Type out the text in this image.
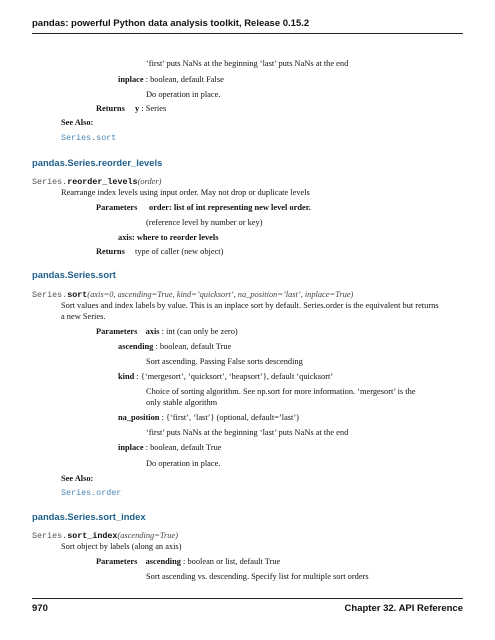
pandas: powerful Python data analysis toolkit, Release 0.15.2
‘first’ puts NaNs at the beginning ‘last’ puts NaNs at the end
inplace : boolean, default False
Do operation in place.
Returns y : Series
See Also:
Series.sort
pandas.Series.reorder_levels
Series.reorder_levels(order)
Rearrange index levels using input order. May not drop or duplicate levels
Parameters order: list of int representing new level order.
(reference level by number or key)
axis: where to reorder levels
Returns type of caller (new object)
pandas.Series.sort
Series.sort(axis=0, ascending=True, kind=’quicksort’, na_position=’last’, inplace=True)
Sort values and index labels by value. This is an inplace sort by default. Series.order is the equivalent but returns
a new Series.
Parameters axis : int (can only be zero)
ascending : boolean, default True
Sort ascending. Passing False sorts descending
kind : {‘mergesort’, ‘quicksort’, ‘heapsort’}, default ‘quicksort’
Choice of sorting algorithm. See np.sort for more information. ‘mergesort’ is the
only stable algorithm
na_position : {‘first’, ‘last’} (optional, default=’last’)
‘first’ puts NaNs at the beginning ‘last’ puts NaNs at the end
inplace : boolean, default True
Do operation in place.
See Also:
Series.order
pandas.Series.sort_index
Series.sort_index(ascending=True)
Sort object by labels (along an axis)
Parameters ascending : boolean or list, default True
Sort ascending vs. descending. Specify list for multiple sort orders
970	Chapter 32. API Reference
